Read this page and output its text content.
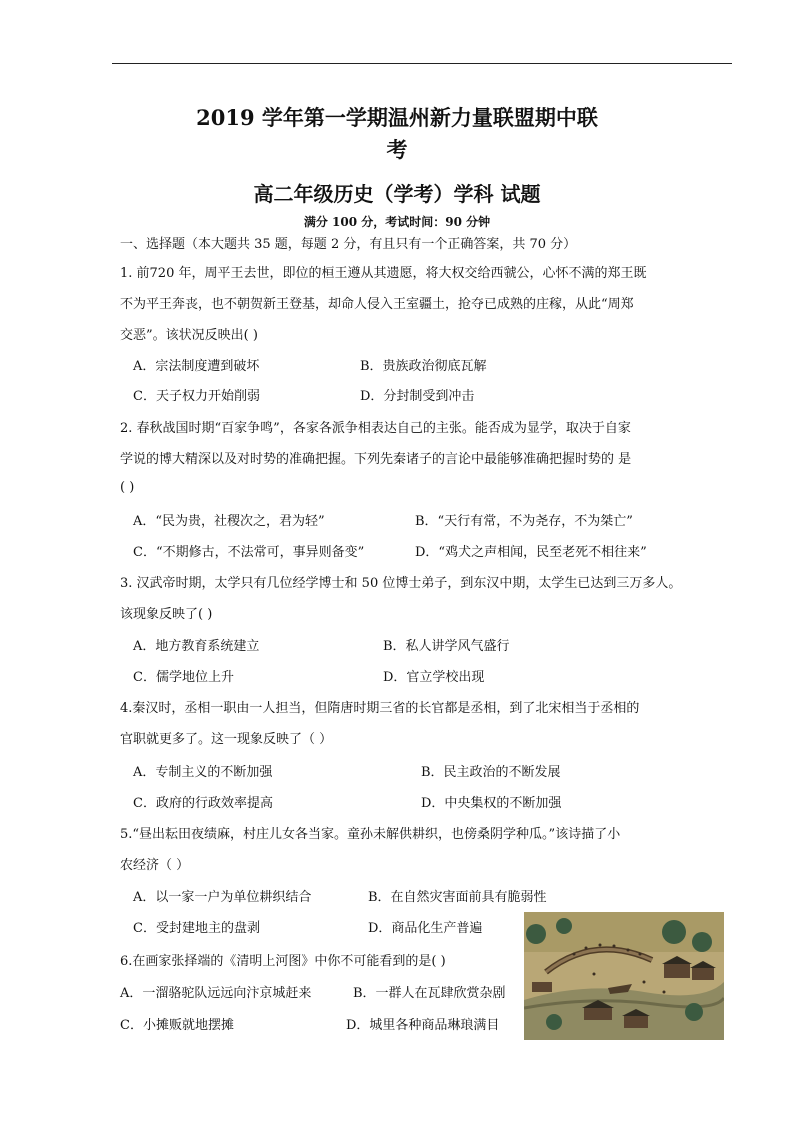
2019 学年第一学期温州新力量联盟期中联
考
高二年级历史（学考）学科 试题
满分 100 分，考试时间：90 分钟
一、选择题（本大题共 35 题，每题 2 分，有且只有一个正确答案，共 70 分）
1. 前720 年，周平王去世，即位的桓王遵从其遗愿，将大权交给西虢公，心怀不满的郑王既
不为平王奔丧，也不朝贺新王登基，却命人侵入王室疆土，抢夺已成熟的庄稼，从此“周郑
交恶”。该状况反映出( )
A．宗法制度遭到破坏	B．贵族政治彻底瓦解
C．天子权力开始削弱	D．分封制受到冲击
2. 春秋战国时期“百家争鸣”，各家各派争相表达自己的主张。能否成为显学，取决于自家
学说的博大精深以及对时势的准确把握。下列先秦诸子的言论中最能够准确把握时势的 是
( )
A．“民为贵，社稷次之，君为轻”	B．“天行有常，不为尧存，不为桀亡”
C．“不期修古，不法常可，事异则备变”	D．“鸡犬之声相闻，民至老死不相往来”
3. 汉武帝时期，太学只有几位经学博士和 50 位博士弟子，到东汉中期，太学生已达到三万多人。
该现象反映了( )
A．地方教育系统建立	B．私人讲学风气盛行
C．儒学地位上升	D．官立学校出现
4.秦汉时，丞相一职由一人担当，但隋唐时期三省的长官都是丞相，到了北宋相当于丞相的
官职就更多了。这一现象反映了（ ）
A．专制主义的不断加强	B．民主政治的不断发展
C．政府的行政效率提高	D．中央集权的不断加强
5.“昼出耘田夜绩麻，村庄儿女各当家。童孙未解供耕织，也傍桑阴学种瓜。”该诗描了小
农经济（ ）
A．以一家一户为单位耕织结合	B．在自然灾害面前具有脆弱性
C．受封建地主的盘剥	D．商品化生产普遍
6.在画家张择端的《清明上河图》中你不可能看到的是( )
A．一溜骆驼队远远向汴京城赶来	B．一群人在瓦肆欣赏杂剧
C．小摊贩就地摆摊	D．城里各种商品琳琅满目
